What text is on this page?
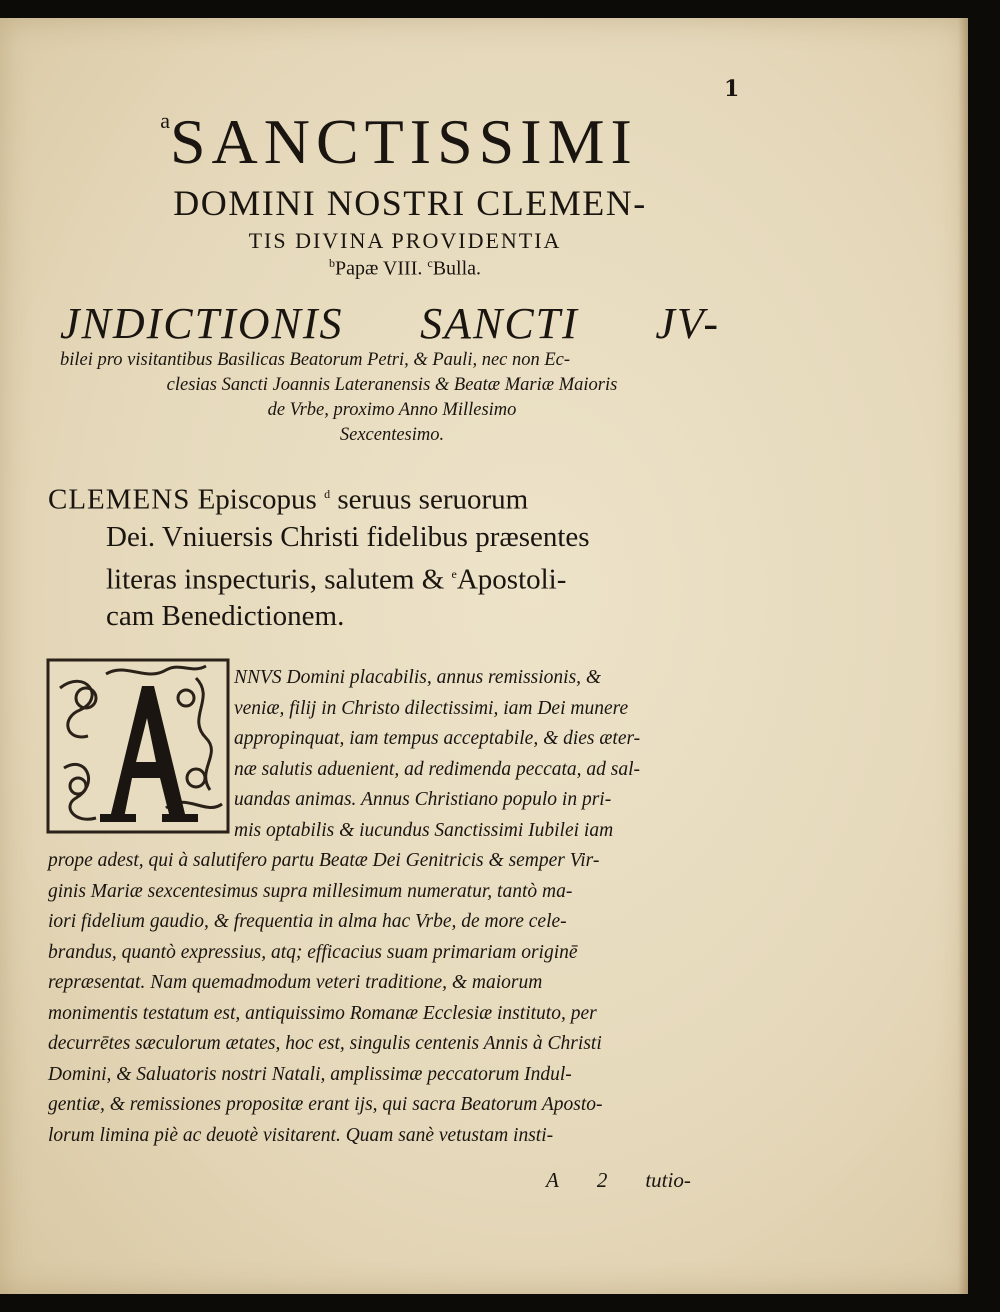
1
$^a$SANCTISSIMI
DOMINI NOSTRI CLEMEN-
TIS DIVINA PROVIDENTIA
$^b$Papæ VIII. $^c$Bulla.
JNDICTIONIS SANCTI JV-
bilei pro visitantibus Basilicas Beatorum Petri, & Pauli, nec non Ec-
clesias Sancti Joannis Lateranensis & Beatæ Mariæ Maioris
de Vrbe, proximo Anno Millesimo
Sexcentesimo.
CLEMENS Episcopus $^d$ seruus seruorum
Dei. Vniuersis Christi fidelibus præsentes
literas inspecturis, salutem & $^e$Apostoli-
cam Benedictionem.
NNVS Domini placabilis, annus remissionis, &
veniæ, filij in Christo dilectissimi, iam Dei munere
appropinquat, iam tempus acceptabile, & dies æter-
næ salutis aduenient, ad redimenda peccata, ad sal-
uandas animas. Annus Christiano populo in pri-
mis optabilis & iucundus Sanctissimi Iubilei iam
prope adest, qui à salutifero partu Beatæ Dei Genitricis & semper Vir-
ginis Mariæ sexcentesimus supra millesimum numeratur, tantò ma-
iori fidelium gaudio, & frequentia in alma hac Vrbe, de more cele-
brandus, quantò expressius, atq; efficacius suam primariam originē
repræsentat. Nam quemadmodum veteri traditione, & maiorum
monimentis testatum est, antiquissimo Romanæ Ecclesiæ instituto, per
decurrētes sæculorum ætates, hoc est, singulis centenis Annis à Christi
Domini, & Saluatoris nostri Natali, amplissimæ peccatorum Indul-
gentiæ, & remissiones propositæ erant ijs, qui sacra Beatorum Aposto-
lorum limina piè ac deuotè visitarent. Quam sanè vetustam insti-
A 2 tutio-
